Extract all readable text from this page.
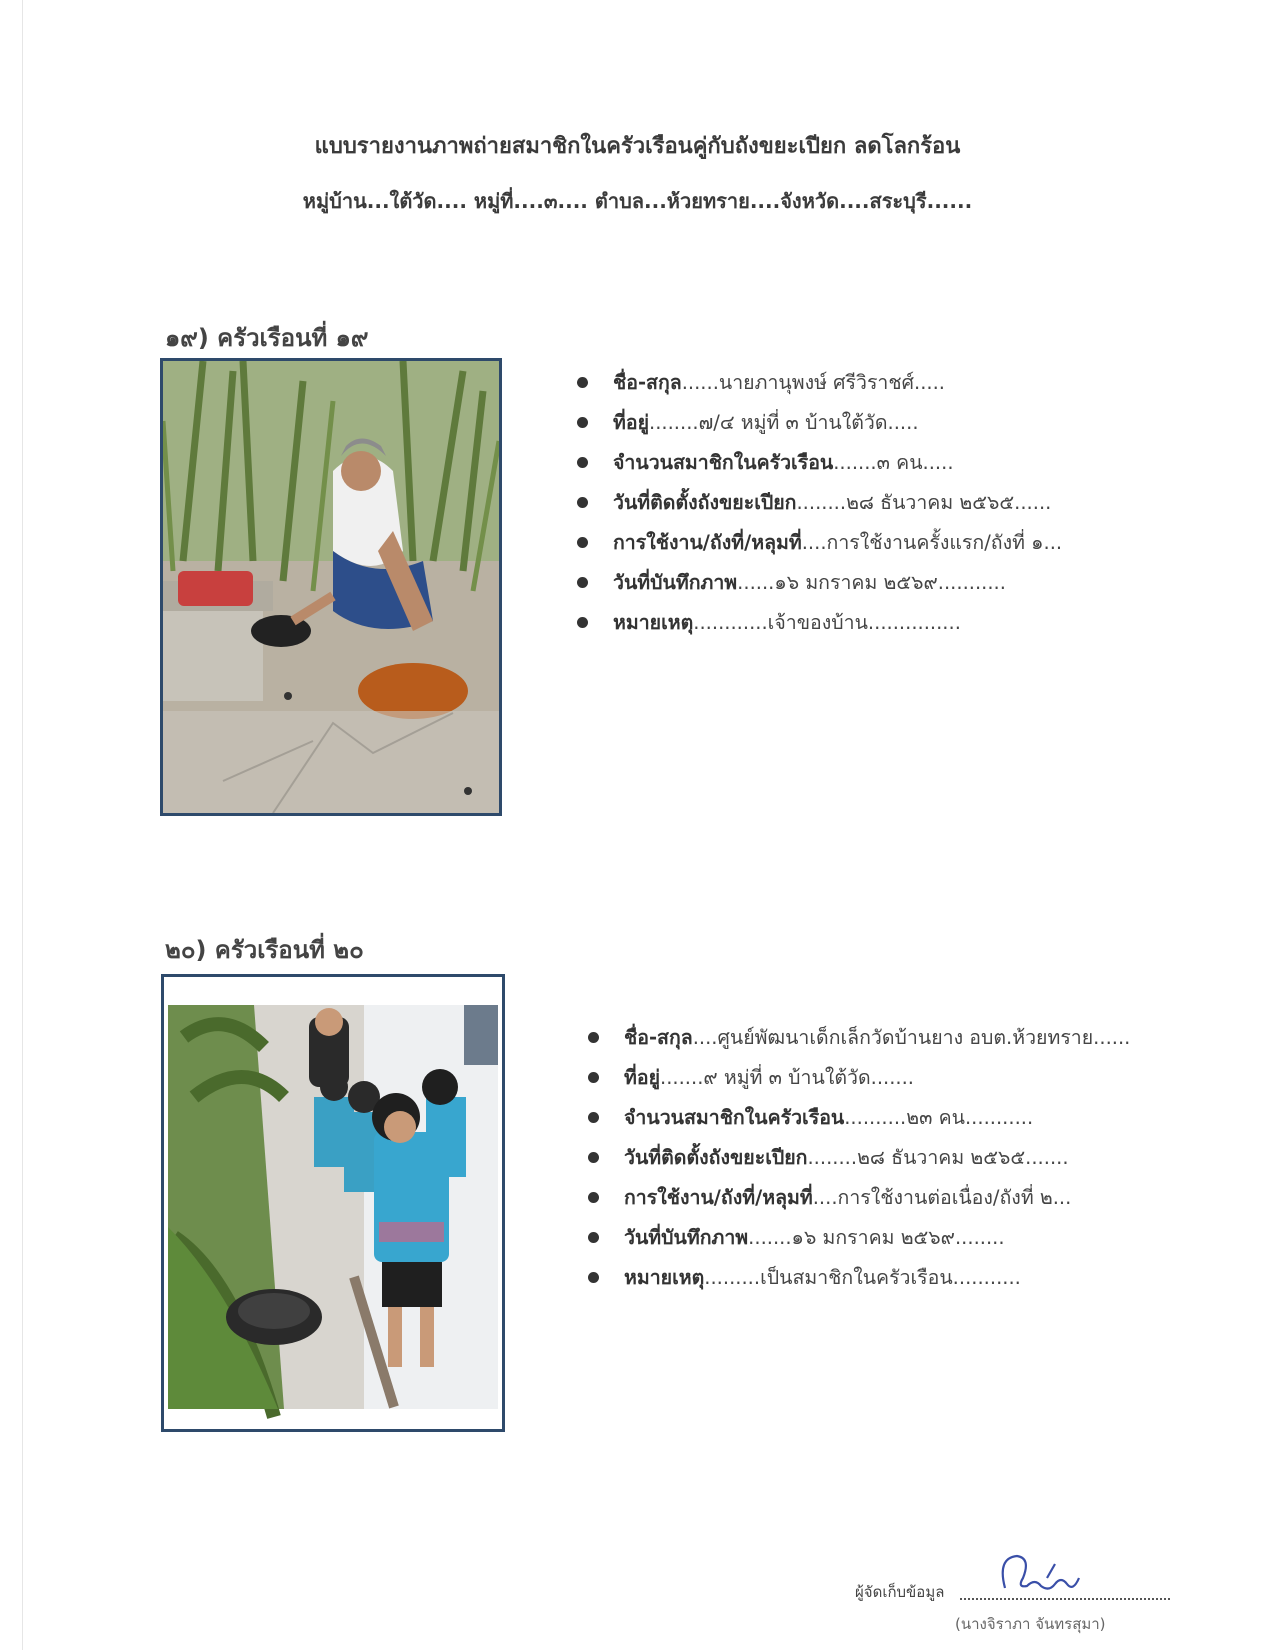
แบบรายงานภาพถ่ายสมาชิกในครัวเรือนคู่กับถังขยะเปียก ลดโลกร้อน
หมู่บ้าน...ใต้วัด.... หมู่ที่....๓.... ตำบล...ห้วยทราย....จังหวัด....สระบุรี......
๑๙) ครัวเรือนที่ ๑๙
ชื่อ-สกุล......นายภานุพงษ์ ศรีวิราชศ์.....
ที่อยู่........๗/๔ หมู่ที่ ๓ บ้านใต้วัด.....
จำนวนสมาชิกในครัวเรือน.......๓ คน.....
วันที่ติดตั้งถังขยะเปียก........๒๘ ธันวาคม ๒๕๖๕......
การใช้งาน/ถังที่/หลุมที่....การใช้งานครั้งแรก/ถังที่ ๑...
วันที่บันทึกภาพ......๑๖ มกราคม ๒๕๖๙...........
หมายเหตุ............เจ้าของบ้าน...............
๒๐) ครัวเรือนที่ ๒๐
ชื่อ-สกุล....ศูนย์พัฒนาเด็กเล็กวัดบ้านยาง อบต.ห้วยทราย......
ที่อยู่.......๙ หมู่ที่ ๓ บ้านใต้วัด.......
จำนวนสมาชิกในครัวเรือน..........๒๓ คน...........
วันที่ติดตั้งถังขยะเปียก........๒๘ ธันวาคม ๒๕๖๕.......
การใช้งาน/ถังที่/หลุมที่....การใช้งานต่อเนื่อง/ถังที่ ๒...
วันที่บันทึกภาพ.......๑๖ มกราคม ๒๕๖๙........
หมายเหตุ.........เป็นสมาชิกในครัวเรือน...........
ผู้จัดเก็บข้อมูล
(นางจิราภา จันทรสุมา)
